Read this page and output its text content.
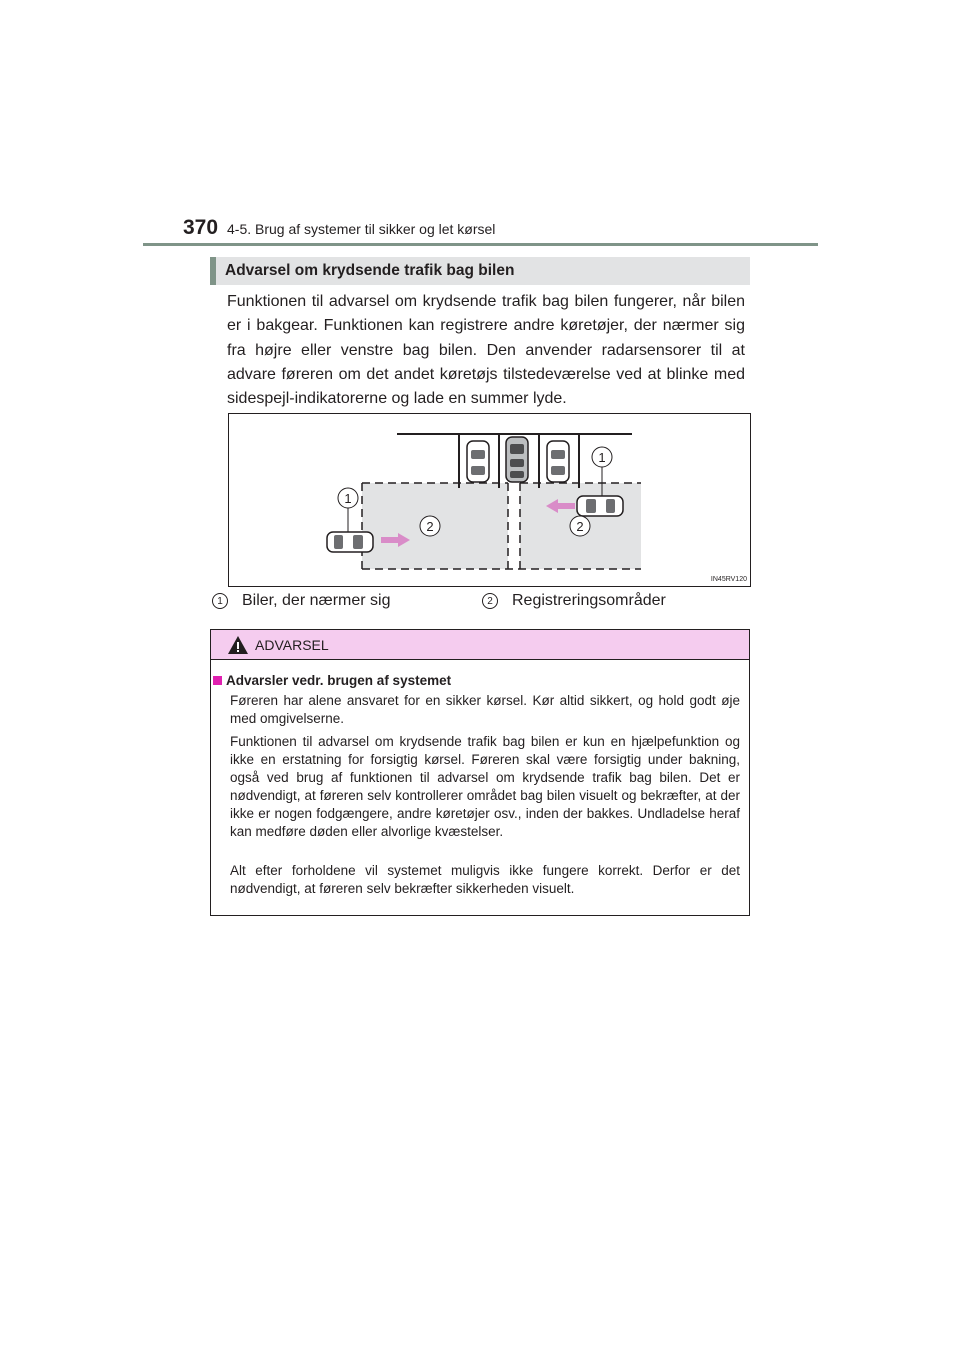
370 4-5. Brug af systemer til sikker og let kørsel
Advarsel om krydsende trafik bag bilen

Funktionen til advarsel om krydsende trafik bag bilen fungerer, når bilen er i bakgear. Funktionen kan registrere andre køretøjer, der nærmer sig fra højre eller venstre bag bilen. Den anvender radarsensorer til at advare føreren om det andet køretøjs tilstedeværelse ved at blinke med sidespejl-indikatorerne og lade en summer lyde.

1
1
2	2
IN45RV120
1	Biler, der nærmer sig	2	Registreringsområder
ADVARSEL
Advarsler vedr. brugen af systemet

Føreren har alene ansvaret for en sikker kørsel. Kør altid sikkert, og hold godt øje med omgivelserne.

Funktionen til advarsel om krydsende trafik bag bilen er kun en hjælpefunktion og ikke en erstatning for forsigtig kørsel. Føreren skal være forsigtig under bakning, også ved brug af funktionen til advarsel om krydsende trafik bag bilen. Det er nødvendigt, at føreren selv kontrollerer området bag bilen visuelt og bekræfter, at der ikke er nogen fodgængere, andre køretøjer osv., inden der bakkes. Undladelse heraf kan medføre døden eller alvorlige kvæstelser.

Alt efter forholdene vil systemet muligvis ikke fungere korrekt. Derfor er det nødvendigt, at føreren selv bekræfter sikkerheden visuelt.
